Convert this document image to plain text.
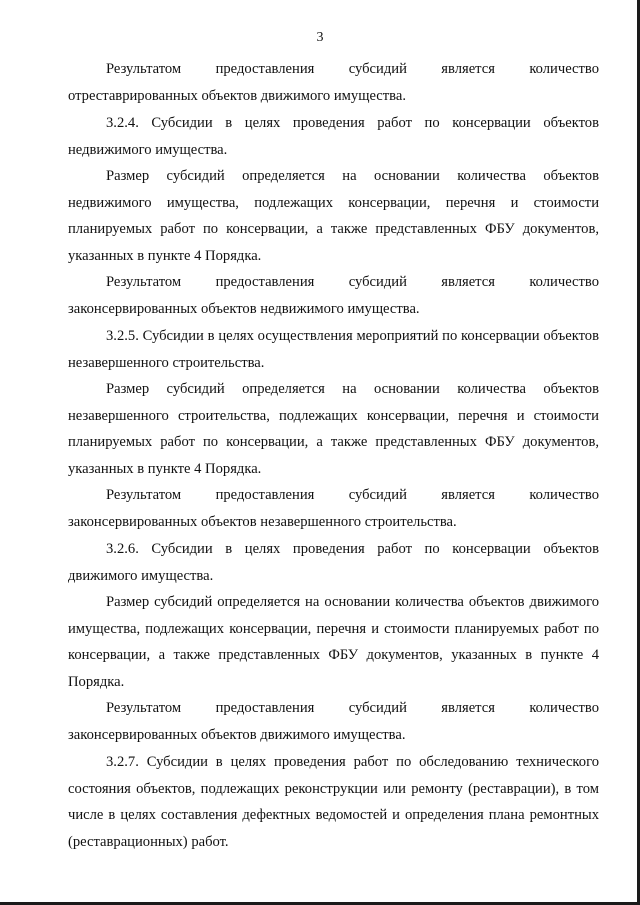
3

Результатом предоставления субсидий является количество отреставрированных объектов движимого имущества.

3.2.4. Субсидии в целях проведения работ по консервации объектов недвижимого имущества.

Размер субсидий определяется на основании количества объектов недвижимого имущества, подлежащих консервации, перечня и стоимости планируемых работ по консервации, а также представленных ФБУ документов, указанных в пункте 4 Порядка.

Результатом предоставления субсидий является количество законсервированных объектов недвижимого имущества.

3.2.5. Субсидии в целях осуществления мероприятий по консервации объектов незавершенного строительства.

Размер субсидий определяется на основании количества объектов незавершенного строительства, подлежащих консервации, перечня и стоимости планируемых работ по консервации, а также представленных ФБУ документов, указанных в пункте 4 Порядка.

Результатом предоставления субсидий является количество законсервированных объектов незавершенного строительства.

3.2.6. Субсидии в целях проведения работ по консервации объектов движимого имущества.

Размер субсидий определяется на основании количества объектов движимого имущества, подлежащих консервации, перечня и стоимости планируемых работ по консервации, а также представленных ФБУ документов, указанных в пункте 4 Порядка.

Результатом предоставления субсидий является количество законсервированных объектов движимого имущества.

3.2.7. Субсидии в целях проведения работ по обследованию технического состояния объектов, подлежащих реконструкции или ремонту (реставрации), в том числе в целях составления дефектных ведомостей и определения плана ремонтных (реставрационных) работ.
